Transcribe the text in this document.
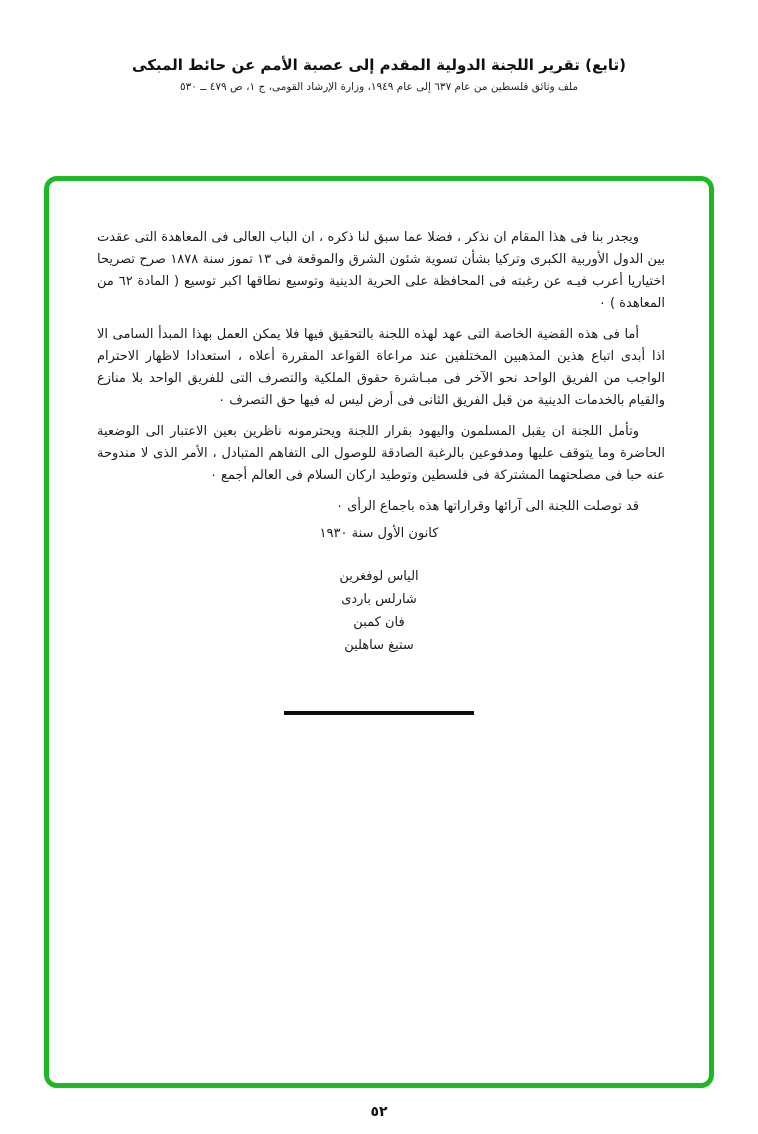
(تابع) تقرير اللجنة الدولية المقدم إلى عصبة الأمم عن حائط المبكى
ملف وثائق فلسطين من عام ٦٣٧ إلى عام ١٩٤٩، وزارة الإرشاد القومى، ج ١، ص ٤٧٩ ــ ٥٣٠

ويجدر بنا فى هذا المقام ان نذكر ، فضلا عما سبق لنا ذكره ، ان الباب العالى فى المعاهدة التى عقدت بين الدول الأوربية الكبرى وتركيا بشأن تسوية شئون الشرق والموقعة فى ١٣ تموز سنة ١٨٧٨ صرح تصريحا اختياريا أعرب فيـه عن رغبته فى المحافظة على الحرية الدينية وتوسيع نطاقها اكبر توسيع ( المادة ٦٢ من المعاهدة ) ٠

أما فى هذه القضية الخاصة التى عهد لهذه اللجنة بالتحقيق فيها فلا يمكن العمل بهذا المبدأ السامى الا اذا أبدى اتباع هذين المذهبين المختلفين عند مراعاة القواعد المقررة أعلاه ، استعدادا لاظهار الاحترام الواجب من الفريق الواحد نحو الآخر فى مبـاشرة حقوق الملكية والتصرف التى للفريق الواحد بلا منازع والقيام بالخدمات الدينية من قبل الفريق الثانى فى أرض ليس له فيها حق التصرف ٠

وتأمل اللجنة ان يقبل المسلمون واليهود بقرار اللجنة ويحترمونه ناظرين بعين الاعتبار الى الوضعية الحاضرة وما يتوقف عليها ومدفوعين بالرغبة الصادقة للوصول الى التفاهم المتبادل ، الأمر الذى لا مندوحة عنه حبا فى مصلحتهما المشتركة فى فلسطين وتوطيد اركان السلام فى العالم أجمع ٠

قد توصلت اللجنة الى آرائها وقراراتها هذه باجماع الرأى ٠

كانون الأول سنة ١٩٣٠
الياس لوفغرين
شارلس باردى
فان كمبن
ستيغ ساهلين
٥٢
